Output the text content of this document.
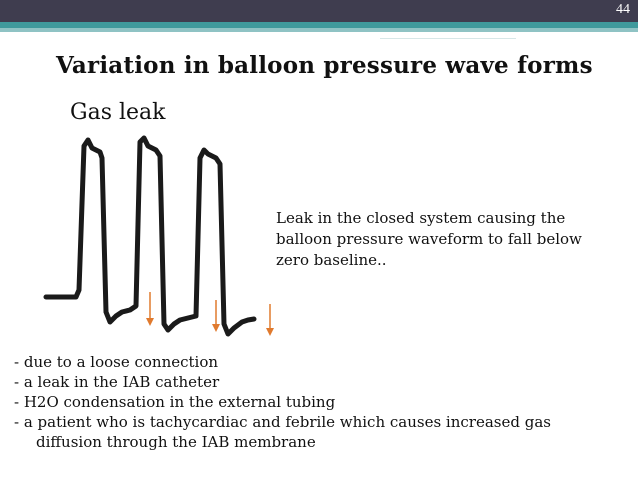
44
Variation in balloon pressure wave forms
Gas leak
Leak in the closed system causing the balloon pressure waveform to fall below zero baseline..
- due to a loose connection
- a leak in the IAB catheter
- H2O condensation in the external tubing
- a patient who is tachycardiac and febrile which causes increased gas
diffusion through the IAB membrane
